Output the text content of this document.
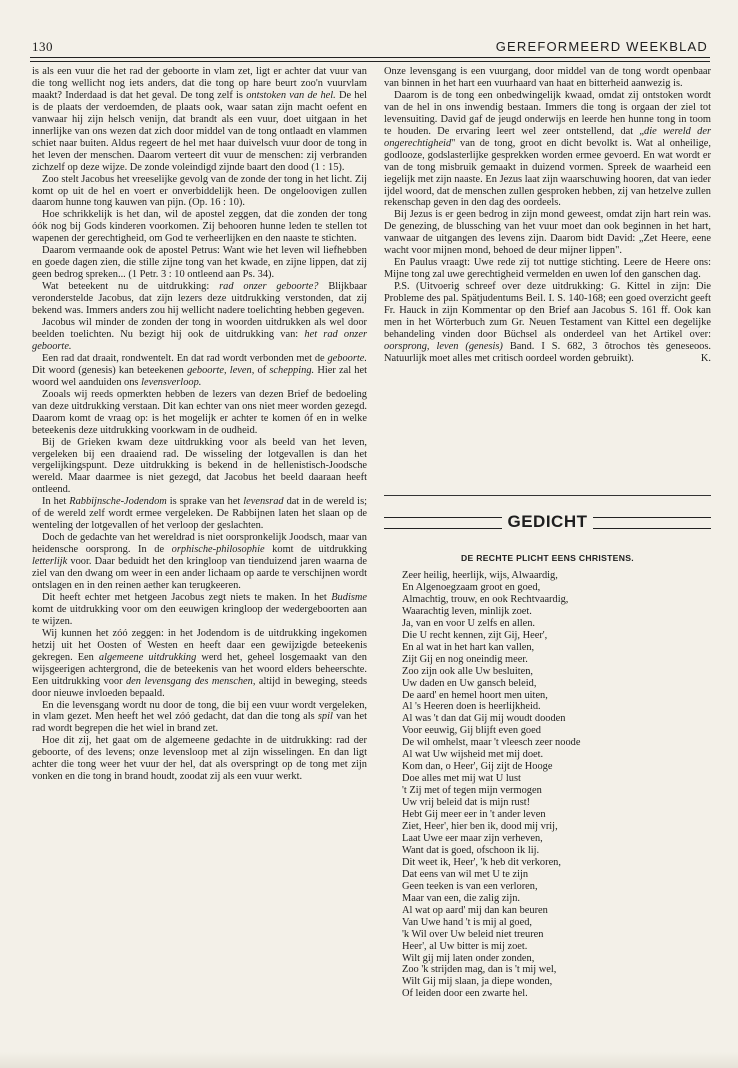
130	GEREFORMEERD WEEKBLAD

is als een vuur die het rad der geboorte in vlam zet, ligt er achter dat vuur van die tong wellicht nog iets anders, dat die tong op hare beurt zoo'n vuurvlam maakt? Inderdaad is dat het geval. De tong zelf is ontstoken van de hel. De hel is de plaats der verdoemden, de plaats ook, waar satan zijn macht oefent en vanwaar hij zijn helsch venijn, dat brandt als een vuur, doet uitgaan in het innerlijke van ons wezen dat zich door middel van de tong ontlaadt en vlammen schiet naar buiten. Aldus regeert de hel met haar duivelsch vuur door de tong in het leven der menschen. Daarom verteert dit vuur de menschen: zij verbranden zichzelf op deze wijze. De zonde voleindigd zijnde baart den dood (1 : 15).

Zoo stelt Jacobus het vreeselijke gevolg van de zonde der tong in het licht. Zij komt op uit de hel en voert er onverbiddelijk heen. De ongeloovigen zullen daarom hunne tong kauwen van pijn. (Op. 16 : 10).

Hoe schrikkelijk is het dan, wil de apostel zeggen, dat die zonden der tong óók nog bij Gods kinderen voorkomen. Zij behooren hunne leden te stellen tot wapenen der gerechtigheid, om God te verheerlijken en den naaste te stichten.

Daarom vermaande ook de apostel Petrus: Want wie het leven wil liefhebben en goede dagen zien, die stille zijne tong van het kwade, en zijne lippen, dat zij geen bedrog spreken... (1 Petr. 3 : 10 ontleend aan Ps. 34).

Wat beteekent nu de uitdrukking: rad onzer geboorte? Blijkbaar veronderstelde Jacobus, dat zijn lezers deze uitdrukking verstonden, dat zij bekend was. Immers anders zou hij wellicht nadere toelichting hebben gegeven.

Jacobus wil minder de zonden der tong in woorden uitdrukken als wel door beelden toelichten. Nu bezigt hij ook de uitdrukking van: het rad onzer geboorte.

Een rad dat draait, rondwentelt. En dat rad wordt verbonden met de geboorte. Dit woord (genesis) kan beteekenen geboorte, leven, of schepping. Hier zal het woord wel aanduiden ons levensverloop.

Zooals wij reeds opmerkten hebben de lezers van dezen Brief de bedoeling van deze uitdrukking verstaan. Dit kan echter van ons niet meer worden gezegd. Daarom komt de vraag op: is het mogelijk er achter te komen óf en in welke beteekenis deze uitdrukking voorkwam in de oudheid.

Bij de Grieken kwam deze uitdrukking voor als beeld van het leven, vergeleken bij een draaiend rad. De wisseling der lotgevallen is dan het vergelijkingspunt. Deze uitdrukking is bekend in de hellenistisch-Joodsche wereld. Maar daarmee is niet gezegd, dat Jacobus het beeld daaraan heeft ontleend.

In het Rabbijnsche-Jodendom is sprake van het levensrad dat in de wereld is; of de wereld zelf wordt ermee vergeleken. De Rabbijnen laten het slaan op de wenteling der lotgevallen of het verloop der geslachten.

Doch de gedachte van het wereldrad is niet oorspronkelijk Joodsch, maar van heidensche oorsprong. In de orphische-philosophie komt de uitdrukking letterlijk voor. Daar beduidt het den kringloop van tienduizend jaren waarna de ziel van den dwang om weer in een ander lichaam op aarde te verschijnen wordt ontslagen en in den reinen aether kan terugkeeren.

Dit heeft echter met hetgeen Jacobus zegt niets te maken. In het Budisme komt de uitdrukking voor om den eeuwigen kringloop der wedergeboorten aan te wijzen.

Wij kunnen het zóó zeggen: in het Jodendom is de uitdrukking ingekomen hetzij uit het Oosten of Westen en heeft daar een gewijzigde beteekenis gekregen. Een algemeene uitdrukking werd het, geheel losgemaakt van den wijsgeerigen achtergrond, die de beteekenis van het woord elders beheerschte. Een uitdrukking voor den levensgang des menschen, altijd in beweging, steeds door nieuwe invloeden bepaald.

En die levensgang wordt nu door de tong, die bij een vuur wordt vergeleken, in vlam gezet. Men heeft het wel zóó gedacht, dat dan die tong als spil van het rad wordt begrepen die het wiel in brand zet.

Hoe dit zij, het gaat om de algemeene gedachte in de uitdrukking: rad der geboorte, of des levens; onze levensloop met al zijn wisselingen. En dan ligt achter die tong weer het vuur der hel, dat als overspringt op de tong met zijn vonken en die tong in brand houdt, zoodat zij als een vuur werkt.

Onze levensgang is een vuurgang, door middel van de tong wordt openbaar van binnen in het hart een vuurhaard van haat en bitterheid aanwezig is.

Daarom is de tong een onbedwingelijk kwaad, omdat zij ontstoken wordt van de hel in ons inwendig bestaan. Immers die tong is orgaan der ziel tot levensuiting. David gaf de jeugd onderwijs en leerde hen hunne tong in toom te houden. De ervaring leert wel zeer ontstellend, dat „die wereld der ongerechtigheid" van de tong, groot en dicht bevolkt is. Wat al onheilige, godlooze, godslasterlijke gesprekken worden ermee gevoerd. En wat wordt er van de tong misbruik gemaakt in duizend vormen. Spreek de waarheid een iegelijk met zijn naaste. En Jezus laat zijn waarschuwing hooren, dat van ieder ijdel woord, dat de menschen zullen gesproken hebben, zij van hetzelve zullen rekenschap geven in den dag des oordeels.

Bij Jezus is er geen bedrog in zijn mond geweest, omdat zijn hart rein was. De genezing, de blussching van het vuur moet dan ook beginnen in het hart, vanwaar de uitgangen des levens zijn. Daarom bidt David: „Zet Heere, eene wacht voor mijnen mond, behoed de deur mijner lippen".

En Paulus vraagt: Uwe rede zij tot nuttige stichting. Leere de Heere ons: Mijne tong zal uwe gerechtigheid vermelden en uwen lof den ganschen dag.

P.S. (Uitvoerig schreef over deze uitdrukking: G. Kittel in zijn: Die Probleme des pal. Spätjudentums Beil. I. S. 140-168; een goed overzicht geeft Fr. Hauck in zijn Kommentar op den Brief aan Jacobus S. 161 ff. Ook kan men in het Wörterbuch zum Gr. Neuen Testament van Kittel een degelijke behandeling vinden door Büchsel als onderdeel van het Artikel over: oorsprong, leven (genesis) Band. I S. 682, 3 ŏtrochos tès geneseoos. Natuurlijk moet alles met critisch oordeel worden gebruikt).	K.

GEDICHT
DE RECHTE PLICHT EENS CHRISTENS.
Zeer heilig, heerlijk, wijs, Alwaardig,
En Algenoegzaam groot en goed,
Almachtig, trouw, en ook Rechtvaardig,
Waarachtig leven, minlijk zoet.
Ja, van en voor U zelfs en allen.
Die U recht kennen, zijt Gij, Heer',
En al wat in het hart kan vallen,
Zijt Gij en nog oneindig meer.
Zoo zijn ook alle Uw besluiten,
Uw daden en Uw gansch beleid,
De aard' en hemel hoort men uiten,
Al 's Heeren doen is heerlijkheid.
Al was 't dan dat Gij mij woudt dooden
Voor eeuwig, Gij blijft even goed
De wil omhelst, maar 't vleesch zeer noode
Al wat Uw wijsheid met mij doet.
Kom dan, o Heer', Gij zijt de Hooge
Doe alles met mij wat U lust
't Zij met of tegen mijn vermogen
Uw vrij beleid dat is mijn rust!
Hebt Gij meer eer in 't ander leven
Ziet, Heer', hier ben ik, dood mij vrij,
Laat Uwe eer maar zijn verheven,
Want dat is goed, ofschoon ik lij.
Dit weet ik, Heer', 'k heb dit verkoren,
Dat eens van wil met U te zijn
Geen teeken is van een verloren,
Maar van een, die zalig zijn.
Al wat op aard' mij dan kan beuren
Van Uwe hand 't is mij al goed,
'k Wil over Uw beleid niet treuren
Heer', al Uw bitter is mij zoet.
Wilt gij mij laten onder zonden,
Zoo 'k strijden mag, dan is 't mij wel,
Wilt Gij mij slaan, ja diepe wonden,
Of leiden door een zwarte hel.
